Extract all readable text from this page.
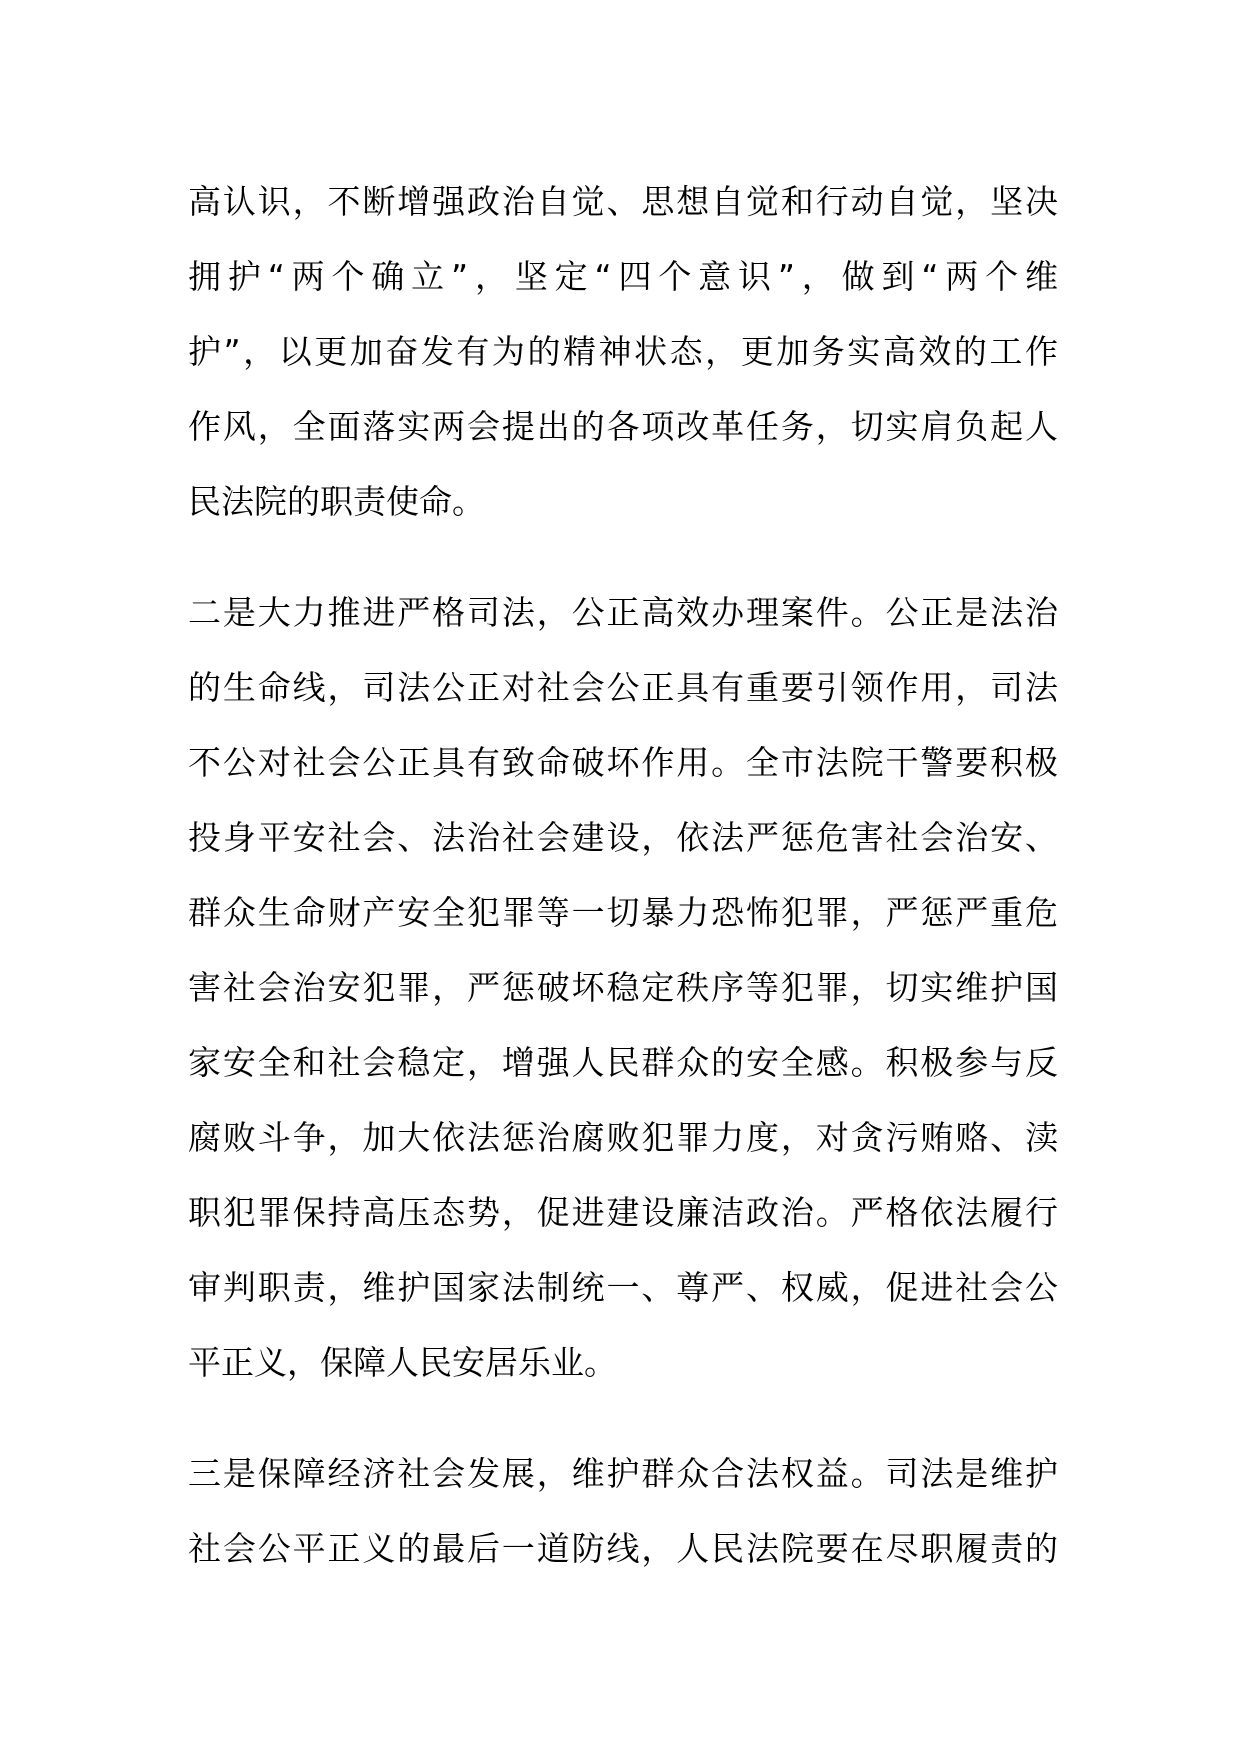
高认识，不断增强政治自觉、思想自觉和行动自觉，坚决
拥护“两个确立”，坚定“四个意识”，做到“两个维
护”，以更加奋发有为的精神状态，更加务实高效的工作
作风，全面落实两会提出的各项改革任务，切实肩负起人
民法院的职责使命。

二是大力推进严格司法，公正高效办理案件。公正是法治
的生命线，司法公正对社会公正具有重要引领作用，司法
不公对社会公正具有致命破坏作用。全市法院干警要积极
投身平安社会、法治社会建设，依法严惩危害社会治安、
群众生命财产安全犯罪等一切暴力恐怖犯罪，严惩严重危
害社会治安犯罪，严惩破坏稳定秩序等犯罪，切实维护国
家安全和社会稳定，增强人民群众的安全感。积极参与反
腐败斗争，加大依法惩治腐败犯罪力度，对贪污贿赂、渎
职犯罪保持高压态势，促进建设廉洁政治。严格依法履行
审判职责，维护国家法制统一、尊严、权威，促进社会公
平正义，保障人民安居乐业。

三是保障经济社会发展，维护群众合法权益。司法是维护
社会公平正义的最后一道防线，人民法院要在尽职履责的
